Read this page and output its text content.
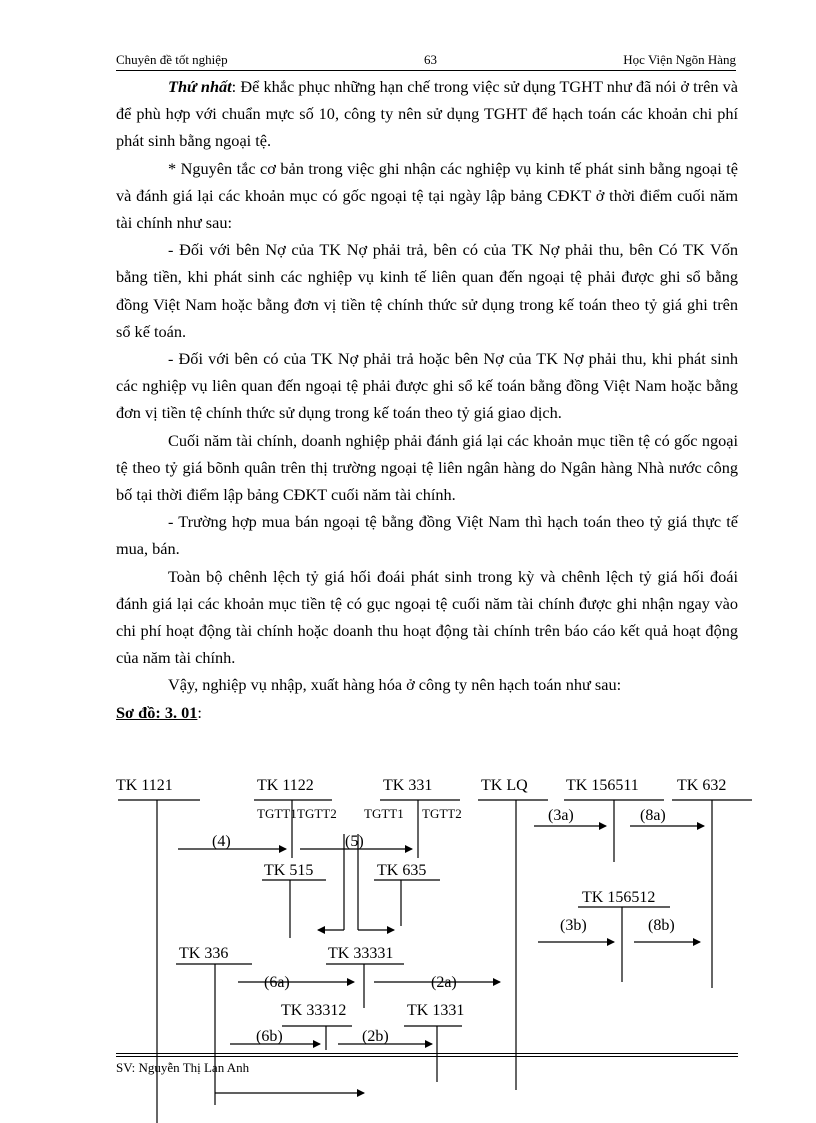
Chuyên đề tốt nghiệp	63	Học Viện Ngõn Hàng

Thứ nhất: Để khắc phục những hạn chế trong việc sử dụng TGHT như đã nói ở trên và để phù hợp với chuẩn mực số 10, công ty nên sử dụng TGHT để hạch toán các khoản chi phí phát sinh bằng ngoại tệ.

* Nguyên tắc cơ bản trong việc ghi nhận các nghiệp vụ kinh tế phát sinh bằng ngoại tệ và đánh giá lại các khoản mục có gốc ngoại tệ tại ngày lập bảng CĐKT ở thời điểm cuối năm tài chính như sau:

- Đối với bên Nợ của TK Nợ phải trả, bên có của TK Nợ phải thu, bên Có TK Vốn bằng tiền, khi phát sinh các nghiệp vụ kinh tế liên quan đến ngoại tệ phải được ghi sổ bằng đồng Việt Nam hoặc bằng đơn vị tiền tệ chính thức sử dụng trong kế toán theo tỷ giá ghi trên sổ kế toán.

- Đối với bên có của TK Nợ phải trả hoặc bên Nợ của TK Nợ phải thu, khi phát sinh các nghiệp vụ liên quan đến ngoại tệ phải được ghi sổ kế toán bằng đồng Việt Nam hoặc bằng đơn vị tiền tệ chính thức sử dụng trong kế toán theo tỷ giá giao dịch.

Cuối năm tài chính, doanh nghiệp phải đánh giá lại các khoản mục tiền tệ có gốc ngoại tệ theo tỷ giá bõnh quân trên thị trường ngoại tệ liên ngân hàng do Ngân hàng Nhà nước công bố tại thời điểm lập bảng CĐKT cuối năm tài chính.

- Trường hợp mua bán ngoại tệ bằng đồng Việt Nam thì hạch toán theo tỷ giá thực tế mua, bán.

Toàn bộ chênh lệch tỷ giá hối đoái phát sinh trong kỳ và chênh lệch tỷ giá hối đoái đánh giá lại các khoản mục tiền tệ có gục ngoại tệ cuối năm tài chính được ghi nhận ngay vào chi phí hoạt động tài chính hoặc doanh thu hoạt động tài chính trên báo cáo kết quả hoạt động của năm tài chính.

Vậy, nghiệp vụ nhập, xuất hàng hóa ở công ty nên hạch toán như sau:

Sơ đồ: 3. 01:

TK 1121	TK 1122	TK 331	TK LQ TK 156511 TK 632
TGTT1 TGTT2 TGTT1 TGTT2
TK 515	TK 635
TK 156512
TK 336	TK 33331
TK 33312	TK 1331
(4)	(5)
(3a)	(8a)
(3b)	(8b)
(6a)	(2a)
(6b)	(2b)
SV: Nguyễn Thị Lan Anh
